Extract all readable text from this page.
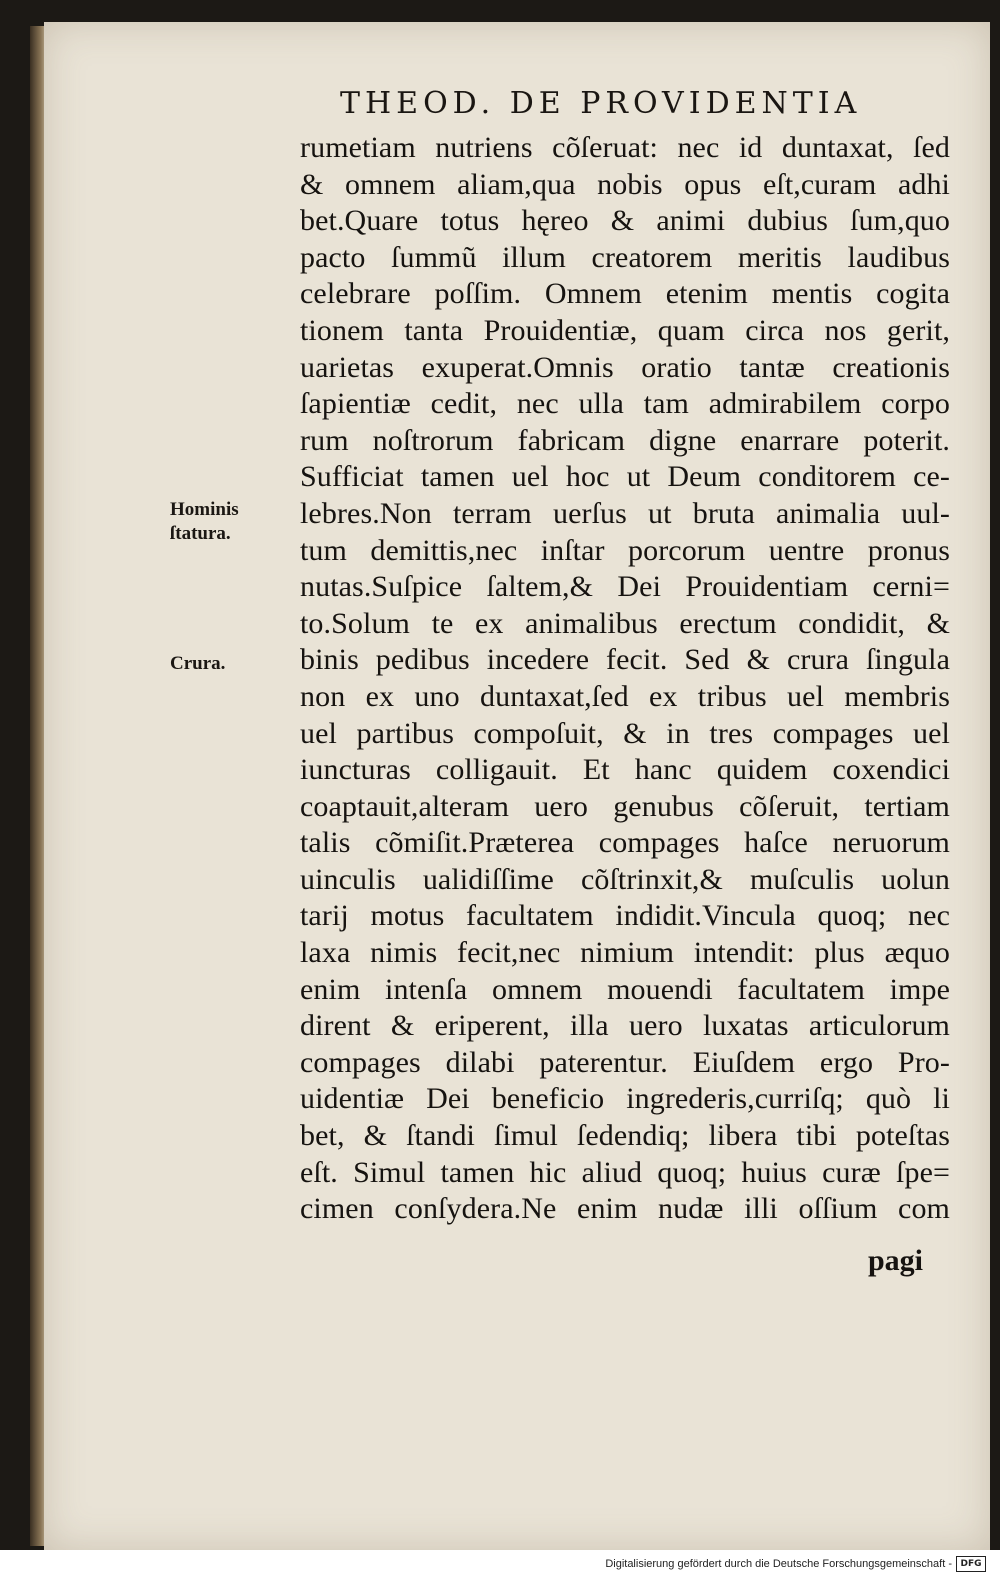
THEOD. DE PROVIDENTIA
rumetiam nutriens cõſeruat: nec id duntaxat, ſed
& omnem aliam,qua nobis opus eſt,curam adhi
bet.Quare totus hęreo & animi dubius ſum,quo
pacto ſummũ illum creatorem meritis laudibus
celebrare poſſim. Omnem etenim mentis cogita
tionem tanta Prouidentiæ, quam circa nos gerit,
uarietas exuperat.Omnis oratio tantæ creationis
ſapientiæ cedit, nec ulla tam admirabilem corpo
rum noſtrorum fabricam digne enarrare poterit.
Sufficiat tamen uel hoc ut Deum conditorem ce-
lebres.Non terram uerſus ut bruta animalia uul-
tum demittis,nec inſtar porcorum uentre pronus
nutas.Suſpice ſaltem,& Dei Prouidentiam cerni=
to.Solum te ex animalibus erectum condidit, &
binis pedibus incedere fecit. Sed & crura ſingula
non ex uno duntaxat,ſed ex tribus uel membris
uel partibus compoſuit, & in tres compages uel
iuncturas colligauit. Et hanc quidem coxendici
coaptauit,alteram uero genubus cõſeruit, tertiam
talis cõmiſit.Præterea compages haſce neruorum
uinculis ualidiſſime cõſtrinxit,& muſculis uolun
tarij motus facultatem indidit.Vincula quoq; nec
laxa nimis fecit,nec nimium intendit: plus æquo
enim intenſa omnem mouendi facultatem impe
dirent & eriperent, illa uero luxatas articulorum
compages dilabi paterentur. Eiuſdem ergo Pro-
uidentiæ Dei beneficio ingrederis,curriſq; quò li
bet, & ſtandi ſimul ſedendiq; libera tibi poteſtas
eſt. Simul tamen hic aliud quoq; huius curæ ſpe=
cimen conſydera.Ne enim nudæ illi oſſium com
Hominis
ſtatura.
Crura.
pagi
Digitalisierung gefördert durch die Deutsche Forschungsgemeinschaft - DFG
